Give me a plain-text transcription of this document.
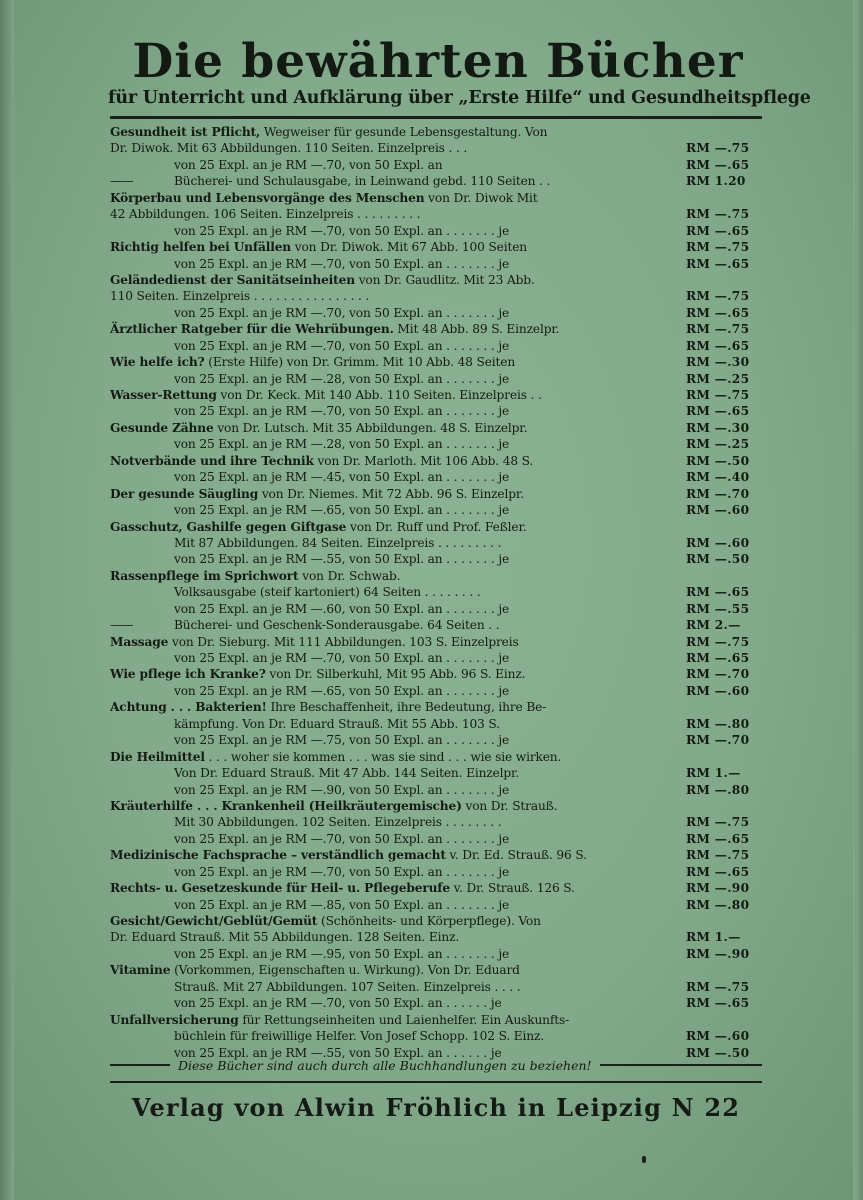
Die bewährten Bücher
für Unterricht und Aufklärung über „Erste Hilfe“ und Gesundheitspflege
Gesundheit ist Pflicht, Wegweiser für gesunde Lebensgestaltung. Von
Dr. Diwok. Mit 63 Abbildungen. 110 Seiten. Einzelpreis . . .	RM —.75
von 25 Expl. an je RM —.70, von 50 Expl. an	RM —.65
—— Bücherei- und Schulausgabe, in Leinwand gebd. 110 Seiten . .	RM 1.20
Körperbau und Lebensvorgänge des Menschen von Dr. Diwok Mit
42 Abbildungen. 106 Seiten. Einzelpreis . . . . . . . . .	RM —.75
von 25 Expl. an je RM —.70, von 50 Expl. an . . . . . . . je	RM —.65
Richtig helfen bei Unfällen von Dr. Diwok. Mit 67 Abb. 100 Seiten	RM —.75
von 25 Expl. an je RM —.70, von 50 Expl. an . . . . . . . je	RM —.65
Geländedienst der Sanitätseinheiten von Dr. Gaudlitz. Mit 23 Abb.
110 Seiten. Einzelpreis . . . . . . . . . . . . . . . .	RM —.75
von 25 Expl. an je RM —.70, von 50 Expl. an . . . . . . . je	RM —.65
Ärztlicher Ratgeber für die Wehrübungen. Mit 48 Abb. 89 S. Einzelpr.	RM —.75
von 25 Expl. an je RM —.70, von 50 Expl. an . . . . . . . je	RM —.65
Wie helfe ich? (Erste Hilfe) von Dr. Grimm. Mit 10 Abb. 48 Seiten	RM —.30
von 25 Expl. an je RM —.28, von 50 Expl. an . . . . . . . je	RM —.25
Wasser-Rettung von Dr. Keck. Mit 140 Abb. 110 Seiten. Einzelpreis . .	RM —.75
von 25 Expl. an je RM —.70, von 50 Expl. an . . . . . . . je	RM —.65
Gesunde Zähne von Dr. Lutsch. Mit 35 Abbildungen. 48 S. Einzelpr.	RM —.30
von 25 Expl. an je RM —.28, von 50 Expl. an . . . . . . . je	RM —.25
Notverbände und ihre Technik von Dr. Marloth. Mit 106 Abb. 48 S.	RM —.50
von 25 Expl. an je RM —.45, von 50 Expl. an . . . . . . . je	RM —.40
Der gesunde Säugling von Dr. Niemes. Mit 72 Abb. 96 S. Einzelpr.	RM —.70
von 25 Expl. an je RM —.65, von 50 Expl. an . . . . . . . je	RM —.60
Gasschutz, Gashilfe gegen Giftgase von Dr. Ruff und Prof. Feßler.
Mit 87 Abbildungen. 84 Seiten. Einzelpreis . . . . . . . . .	RM —.60
von 25 Expl. an je RM —.55, von 50 Expl. an . . . . . . . je	RM —.50
Rassenpflege im Sprichwort von Dr. Schwab.
Volksausgabe (steif kartoniert) 64 Seiten . . . . . . . .	RM —.65
von 25 Expl. an je RM —.60, von 50 Expl. an . . . . . . . je	RM —.55
—— Bücherei- und Geschenk-Sonderausgabe. 64 Seiten . .	RM 2.—
Massage von Dr. Sieburg. Mit 111 Abbildungen. 103 S. Einzelpreis	RM —.75
von 25 Expl. an je RM —.70, von 50 Expl. an . . . . . . . je	RM —.65
Wie pflege ich Kranke? von Dr. Silberkuhl, Mit 95 Abb. 96 S. Einz.	RM —.70
von 25 Expl. an je RM —.65, von 50 Expl. an . . . . . . . je	RM —.60
Achtung . . . Bakterien! Ihre Beschaffenheit, ihre Bedeutung, ihre Be-
kämpfung. Von Dr. Eduard Strauß. Mit 55 Abb. 103 S.	RM —.80
von 25 Expl. an je RM —.75, von 50 Expl. an . . . . . . . je	RM —.70
Die Heilmittel . . . woher sie kommen . . . was sie sind . . . wie sie wirken.
Von Dr. Eduard Strauß. Mit 47 Abb. 144 Seiten. Einzelpr.	RM 1.—
von 25 Expl. an je RM —.90, von 50 Expl. an . . . . . . . je	RM —.80
Kräuterhilfe . . . Krankenheil (Heilkräutergemische) von Dr. Strauß.
Mit 30 Abbildungen. 102 Seiten. Einzelpreis . . . . . . . .	RM —.75
von 25 Expl. an je RM —.70, von 50 Expl. an . . . . . . . je	RM —.65
Medizinische Fachsprache – verständlich gemacht v. Dr. Ed. Strauß. 96 S.	RM —.75
von 25 Expl. an je RM —.70, von 50 Expl. an . . . . . . . je	RM —.65
Rechts- u. Gesetzeskunde für Heil- u. Pflegeberufe v. Dr. Strauß. 126 S.	RM —.90
von 25 Expl. an je RM —.85, von 50 Expl. an . . . . . . . je	RM —.80
Gesicht/Gewicht/Geblüt/Gemüt (Schönheits- und Körperpflege). Von
Dr. Eduard Strauß. Mit 55 Abbildungen. 128 Seiten. Einz.	RM 1.—
von 25 Expl. an je RM —.95, von 50 Expl. an . . . . . . . je	RM —.90
Vitamine (Vorkommen, Eigenschaften u. Wirkung). Von Dr. Eduard
Strauß. Mit 27 Abbildungen. 107 Seiten. Einzelpreis . . . .	RM —.75
von 25 Expl. an je RM —.70, von 50 Expl. an . . . . . . je	RM —.65
Unfallversicherung für Rettungseinheiten und Laienhelfer. Ein Auskunfts-
büchlein für freiwillige Helfer. Von Josef Schopp. 102 S. Einz.	RM —.60
von 25 Expl. an je RM —.55, von 50 Expl. an . . . . . . je	RM —.50
Diese Bücher sind auch durch alle Buchhandlungen zu beziehen!
Verlag von Alwin Fröhlich in Leipzig N 22
